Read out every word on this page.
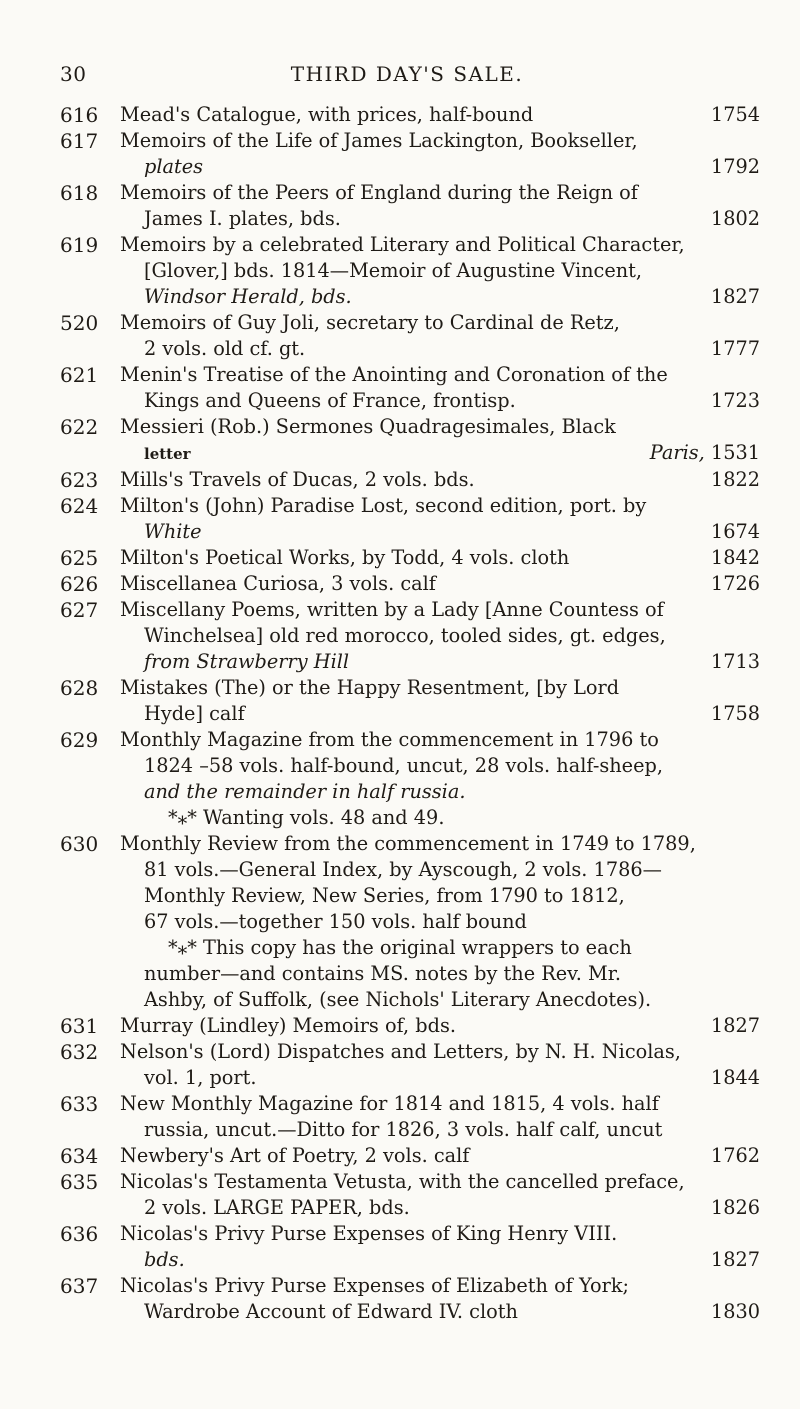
30	THIRD DAY'S SALE.
616 Mead's Catalogue, with prices, half-bound	1754
617 Memoirs of the Life of James Lackington, Bookseller,
plates	1792
618 Memoirs of the Peers of England during the Reign of
James I. plates, bds.	1802
619 Memoirs by a celebrated Literary and Political Character,
[Glover,] bds. 1814—Memoir of Augustine Vincent,
Windsor Herald, bds.	1827
520 Memoirs of Guy Joli, secretary to Cardinal de Retz,
2 vols. old cf. gt.	1777
621 Menin's Treatise of the Anointing and Coronation of the
Kings and Queens of France, frontisp.	1723
622 Messieri (Rob.) Sermones Quadragesimales, Black
letter	Paris, 1531
623 Mills's Travels of Ducas, 2 vols. bds.	1822
624 Milton's (John) Paradise Lost, second edition, port. by
White	1674
625 Milton's Poetical Works, by Todd, 4 vols. cloth	1842
626 Miscellanea Curiosa, 3 vols. calf	1726
627 Miscellany Poems, written by a Lady [Anne Countess of
Winchelsea] old red morocco, tooled sides, gt. edges,
from Strawberry Hill	1713
628 Mistakes (The) or the Happy Resentment, [by Lord
Hyde] calf	1758
629 Monthly Magazine from the commencement in 1796 to
1824 –58 vols. half-bound, uncut, 28 vols. half-sheep,
and the remainder in half russia.
*⁎* Wanting vols. 48 and 49.
630 Monthly Review from the commencement in 1749 to 1789,
81 vols.—General Index, by Ayscough, 2 vols. 1786—
Monthly Review, New Series, from 1790 to 1812,
67 vols.—together 150 vols. half bound
*⁎* This copy has the original wrappers to each
number—and contains MS. notes by the Rev. Mr.
Ashby, of Suffolk, (see Nichols' Literary Anecdotes).
631 Murray (Lindley) Memoirs of, bds.	1827
632 Nelson's (Lord) Dispatches and Letters, by N. H. Nicolas,
vol. 1, port.	1844
633 New Monthly Magazine for 1814 and 1815, 4 vols. half
russia, uncut.—Ditto for 1826, 3 vols. half calf, uncut
634 Newbery's Art of Poetry, 2 vols. calf	1762
635 Nicolas's Testamenta Vetusta, with the cancelled preface,
2 vols. LARGE PAPER, bds.	1826
636 Nicolas's Privy Purse Expenses of King Henry VIII.
bds.	1827
637 Nicolas's Privy Purse Expenses of Elizabeth of York;
Wardrobe Account of Edward IV. cloth	1830
